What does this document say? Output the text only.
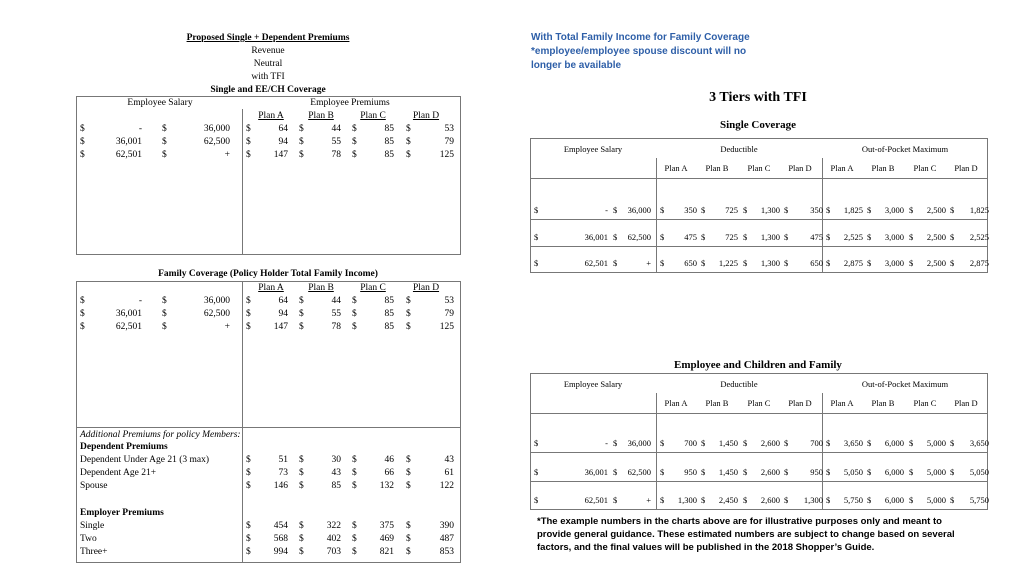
Proposed Single + Dependent Premiums
Revenue
Neutral
with TFI
Single and EE/CH Coverage
Employee Salary	Employee Premiums
Plan A	Plan B	Plan C	Plan D
$	- $	36,000 $	64 $	44 $	85 $	53
$	36,001 $	62,500 $	94 $	55 $	85 $	79
$	62,501 $	+ $	147 $	78 $	85 $	125
Family Coverage (Policy Holder Total Family Income)
Plan A	Plan B	Plan C	Plan D
$	- $	36,000 $	64 $	44 $	85 $	53
$	36,001 $	62,500 $	94 $	55 $	85 $	79
$	62,501 $	+ $	147 $	78 $	85 $	125
Additional Premiums for policy Members:
Dependent Premiums
Dependent Under Age 21 (3 max)	$	51 $	30 $	46 $	43
Dependent Age 21+	$	73 $	43 $	66 $	61
Spouse	$	146 $	85 $	132 $	122
Employer Premiums
Single	$	454 $	322 $	375 $	390
Two	$	568 $	402 $	469 $	487
Three+	$	994 $	703 $	821 $	853
With Total Family Income for Family Coverage
*employee/employee spouse discount will no
longer be available
3 Tiers with TFI
Single Coverage
Employee Salary	Deductible	Out-of-Pocket Maximum
Plan A	Plan B	Plan C	Plan D	Plan A	Plan B	Plan C	Plan D
$	- $	36,000 $	350 $	725 $	1,300 $	350 $	1,825 $	3,000 $	2,500 $	1,825
$	36,001 $	62,500 $	475 $	725 $	1,300 $	475 $	2,525 $	3,000 $	2,500 $	2,525
$	62,501 $	+ $	650 $	1,225 $	1,300 $	650 $	2,875 $	3,000 $	2,500 $	2,875
Employee and Children and Family
Employee Salary	Deductible	Out-of-Pocket Maximum
Plan A	Plan B	Plan C	Plan D	Plan A	Plan B	Plan C	Plan D
$	- $	36,000 $	700 $	1,450 $	2,600 $	700 $	3,650 $	6,000 $	5,000 $	3,650
$	36,001 $	62,500 $	950 $	1,450 $	2,600 $	950 $	5,050 $	6,000 $	5,000 $	5,050
$	62,501 $	+ $	1,300 $	2,450 $	2,600 $	1,300 $	5,750 $	6,000 $	5,000 $	5,750
*The example numbers in the charts above are for illustrative purposes only and meant to
provide general guidance. These estimated numbers are subject to change based on several
factors, and the final values will be published in the 2018 Shopper’s Guide.
